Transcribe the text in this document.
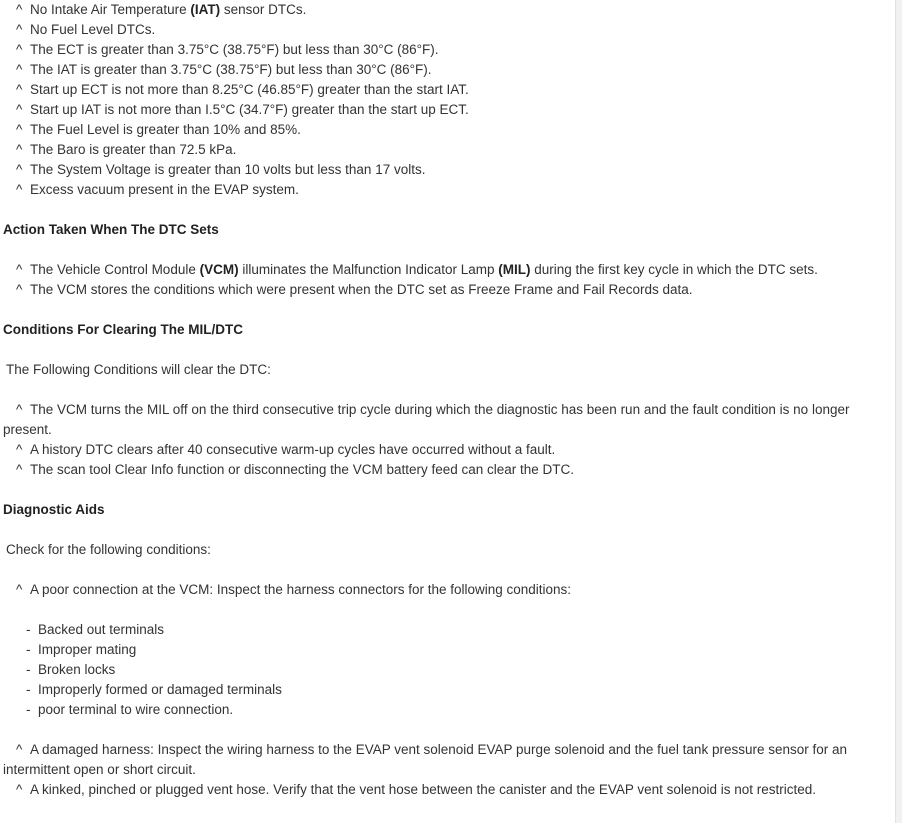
^ No Intake Air Temperature (IAT) sensor DTCs.
^ No Fuel Level DTCs.
^ The ECT is greater than 3.75°C (38.75°F) but less than 30°C (86°F).
^ The IAT is greater than 3.75°C (38.75°F) but less than 30°C (86°F).
^ Start up ECT is not more than 8.25°C (46.85°F) greater than the start IAT.
^ Start up IAT is not more than I.5°C (34.7°F) greater than the start up ECT.
^ The Fuel Level is greater than 10% and 85%.
^ The Baro is greater than 72.5 kPa.
^ The System Voltage is greater than 10 volts but less than 17 volts.
^ Excess vacuum present in the EVAP system.
Action Taken When The DTC Sets
^ The Vehicle Control Module (VCM) illuminates the Malfunction Indicator Lamp (MIL) during the first key cycle in which the DTC sets.
^ The VCM stores the conditions which were present when the DTC set as Freeze Frame and Fail Records data.
Conditions For Clearing The MIL/DTC
The Following Conditions will clear the DTC:
^ The VCM turns the MIL off on the third consecutive trip cycle during which the diagnostic has been run and the fault condition is no longer present.
^ A history DTC clears after 40 consecutive warm-up cycles have occurred without a fault.
^ The scan tool Clear Info function or disconnecting the VCM battery feed can clear the DTC.
Diagnostic Aids
Check for the following conditions:
^ A poor connection at the VCM: Inspect the harness connectors for the following conditions:
- Backed out terminals
- Improper mating
- Broken locks
- Improperly formed or damaged terminals
- poor terminal to wire connection.
^ A damaged harness: Inspect the wiring harness to the EVAP vent solenoid EVAP purge solenoid and the fuel tank pressure sensor for an intermittent open or short circuit.
^ A kinked, pinched or plugged vent hose. Verify that the vent hose between the canister and the EVAP vent solenoid is not restricted.
